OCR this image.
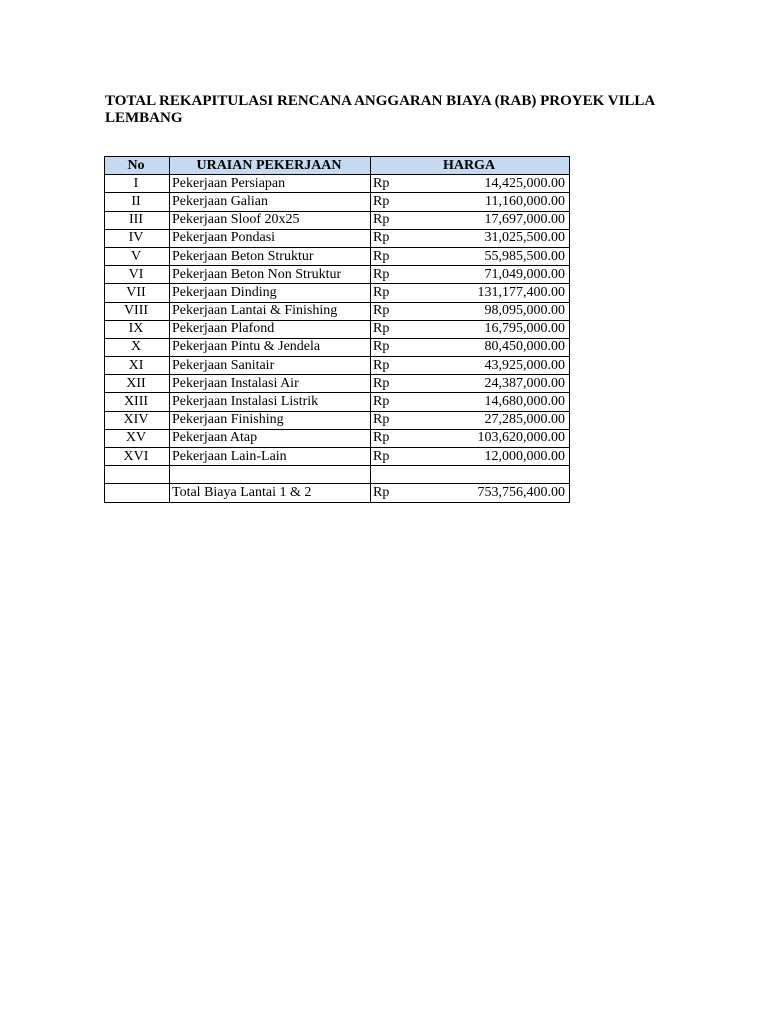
TOTAL REKAPITULASI RENCANA ANGGARAN BIAYA (RAB) PROYEK VILLA LEMBANG
No	URAIAN PEKERJAAN	HARGA	
I	Pekerjaan Persiapan	Rp	14,425,000.00
II	Pekerjaan Galian	Rp	11,160,000.00
III	Pekerjaan Sloof 20x25	Rp	17,697,000.00
IV	Pekerjaan Pondasi	Rp	31,025,500.00
V	Pekerjaan Beton Struktur	Rp	55,985,500.00
VI	Pekerjaan Beton Non Struktur	Rp	71,049,000.00
VII	Pekerjaan Dinding	Rp	131,177,400.00
VIII	Pekerjaan Lantai & Finishing	Rp	98,095,000.00
IX	Pekerjaan Plafond	Rp	16,795,000.00
X	Pekerjaan Pintu & Jendela	Rp	80,450,000.00
XI	Pekerjaan Sanitair	Rp	43,925,000.00
XII	Pekerjaan Instalasi Air	Rp	24,387,000.00
XIII	Pekerjaan Instalasi Listrik	Rp	14,680,000.00
XIV	Pekerjaan Finishing	Rp	27,285,000.00
XV	Pekerjaan Atap	Rp	103,620,000.00
XVI	Pekerjaan Lain-Lain	Rp	12,000,000.00

	Total Biaya Lantai 1 & 2	Rp	753,756,400.00
